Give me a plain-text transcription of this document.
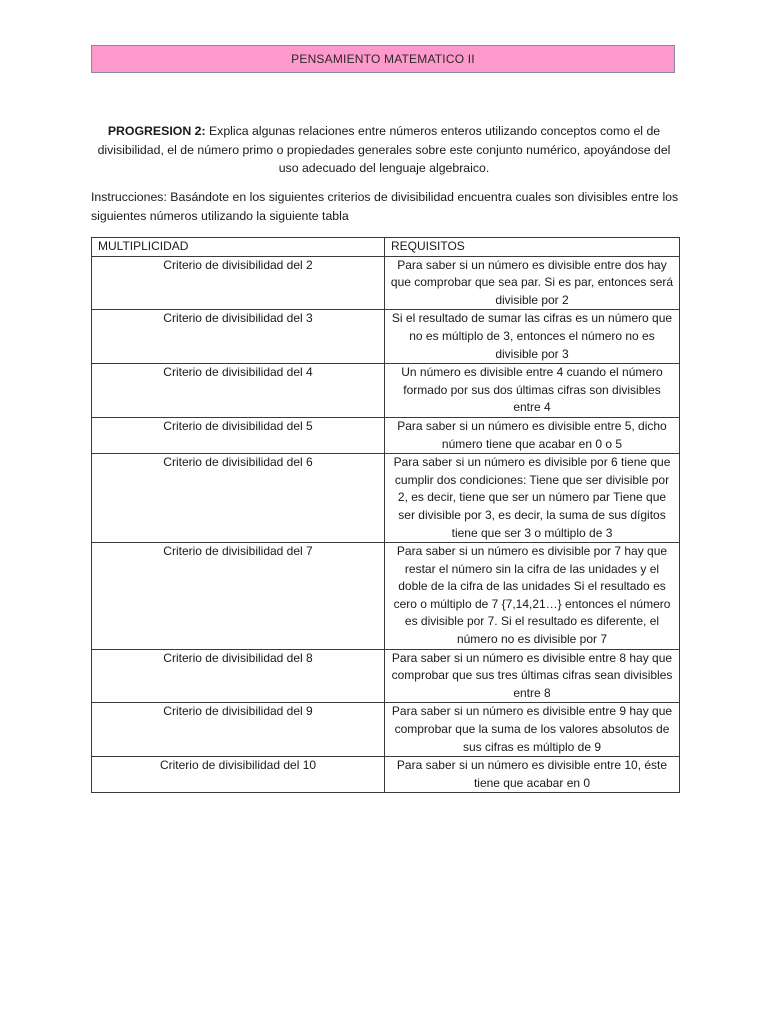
PENSAMIENTO MATEMATICO II
PROGRESION 2: Explica algunas relaciones entre números enteros utilizando conceptos como el de divisibilidad, el de número primo o propiedades generales sobre este conjunto numérico, apoyándose del uso adecuado del lenguaje algebraico.
Instrucciones: Basándote en los siguientes criterios de divisibilidad encuentra cuales son divisibles entre los siguientes números utilizando la siguiente tabla
MULTIPLICIDAD	REQUISITOS
Criterio de divisibilidad del 2	Para saber si un número es divisible entre dos hay que comprobar que sea par. Si es par, entonces será divisible por 2
Criterio de divisibilidad del 3	Si el resultado de sumar las cifras es un número que no es múltiplo de 3, entonces el número no es divisible por 3
Criterio de divisibilidad del 4	Un número es divisible entre 4 cuando el número formado por sus dos últimas cifras son divisibles entre 4
Criterio de divisibilidad del 5	Para saber si un número es divisible entre 5, dicho número tiene que acabar en 0 o 5
Criterio de divisibilidad del 6	Para saber si un número es divisible por 6 tiene que cumplir dos condiciones: Tiene que ser divisible por 2, es decir, tiene que ser un número par Tiene que ser divisible por 3, es decir, la suma de sus dígitos tiene que ser 3 o múltiplo de 3
Criterio de divisibilidad del 7	Para saber si un número es divisible por 7 hay que restar el número sin la cifra de las unidades y el doble de la cifra de las unidades Si el resultado es cero o múltiplo de 7 {7,14,21…} entonces el número es divisible por 7. Si el resultado es diferente, el número no es divisible por 7
Criterio de divisibilidad del 8	Para saber si un número es divisible entre 8 hay que comprobar que sus tres últimas cifras sean divisibles entre 8
Criterio de divisibilidad del 9	Para saber si un número es divisible entre 9 hay que comprobar que la suma de los valores absolutos de sus cifras es múltiplo de 9
Criterio de divisibilidad del 10	Para saber si un número es divisible entre 10, éste tiene que acabar en 0
